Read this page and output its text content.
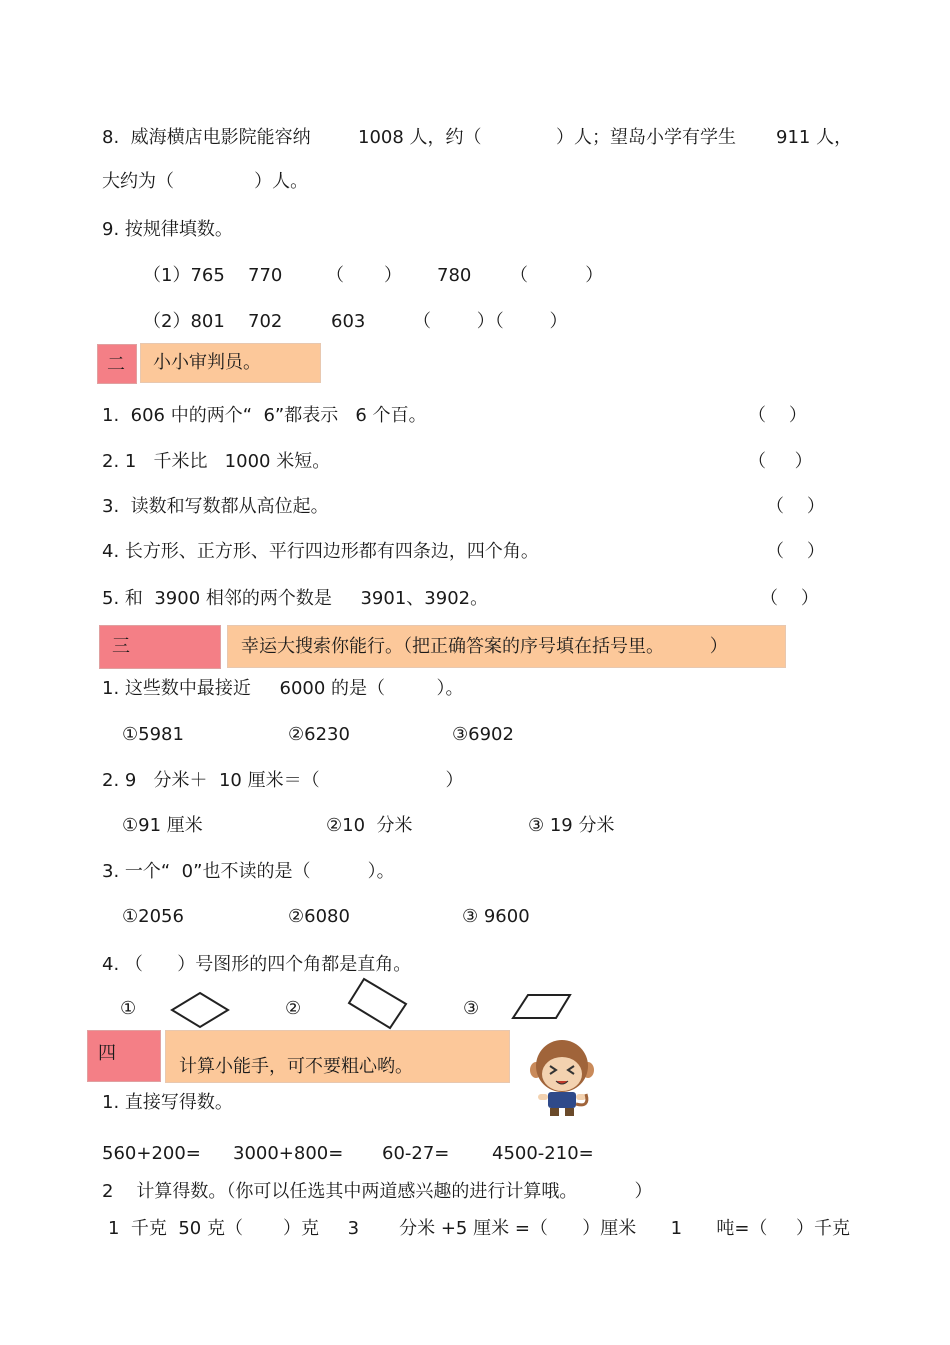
8.  威海横店电影院能容纳	1008 人，约（	）人；望岛小学有学生 911 人，
大约为（              ）人。
9. 按规律填数。
（1）765 770 （       ） 780 （          ）
（2）801 702	603	（        ）（        ）
二 小小审判员。
1.  606 中的两个“  6”都表示   6 个百。	（    ）
2. 1   千米比   1000 米短。	（     ）
3.  读数和写数都从高位起。	（    ）
4. 长方形、正方形、平行四边形都有四条边，四个角。	（    ）
5. 和  3900 相邻的两个数是     3901、3902。	（    ）
三	幸运大搜索你能行。（把正确答案的序号填在括号里。        ）
1. 这些数中最接近     6000 的是（         ）。
①5981	②6230	③6902
2. 9   分米＋  10 厘米＝（                      ）
①91 厘米	②10  分米	③ 19 分米
3. 一个“  0”也不读的是（          ）。
①2056	②6080	③ 9600
4. （      ）号图形的四个角都是直角。
①	②	③
四
计算小能手，可不要粗心哟。
1. 直接写得数。
560+200= 3000+800= 60-27= 4500-210=
2    计算得数。（你可以任选其中两道感兴趣的进行计算哦。          ）
1  千克  50 克（       ）克     3       分米 +5 厘米 =（      ）厘米      1      吨=（     ）千克
